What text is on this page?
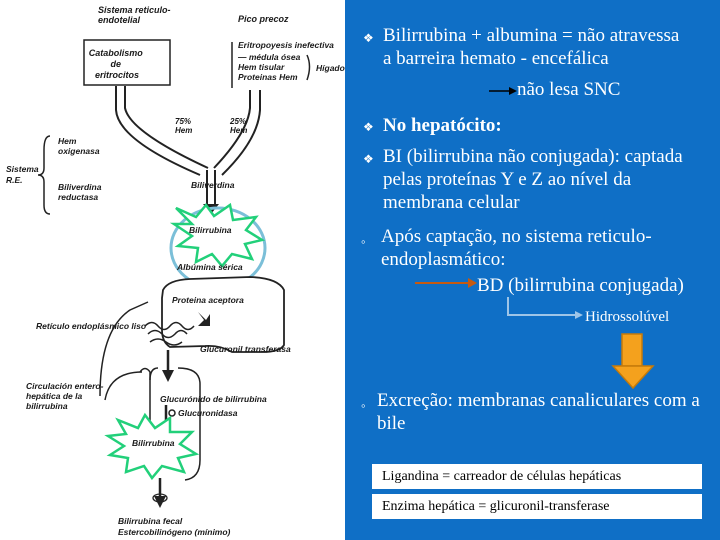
Sistema reticulo- endotelial	Pico precoz
Catabolismo de eritrocitos
Eritropoyesis inefectiva — médula ósea Hem tisular Proteinas Hem
Hígado
75% Hem
25% Hem
Hem oxigenasa
Sistema R.E.
Biliverdina reductasa
Biliverdina
Bilirrubina
Albúmina sérica
Proteina aceptora
Retículo endoplásmico liso
Glucuronil transferasa
Circulación entero- hepática de la bilirrubina
Glucurónido de bilirrubina
Glucuronidasa
Bilirrubina
Bilirrubina fecal Estercobilinógeno (mínimo)
❖ Bilirrubina + albumina = não atravessa a barreira hemato - encefálica
não lesa SNC
❖ No hepatócito:
❖ BI (bilirrubina não conjugada): captada pelas proteínas Y e Z ao nível da membrana celular
◦ Após captação, no sistema reticulo-endoplasmático:
BD (bilirrubina conjugada)
Hidrossolúvel
◦ Excreção: membranas canaliculares com a bile
Ligandina = carreador de células hepáticas
Enzima hepática = glicuronil-transferase
